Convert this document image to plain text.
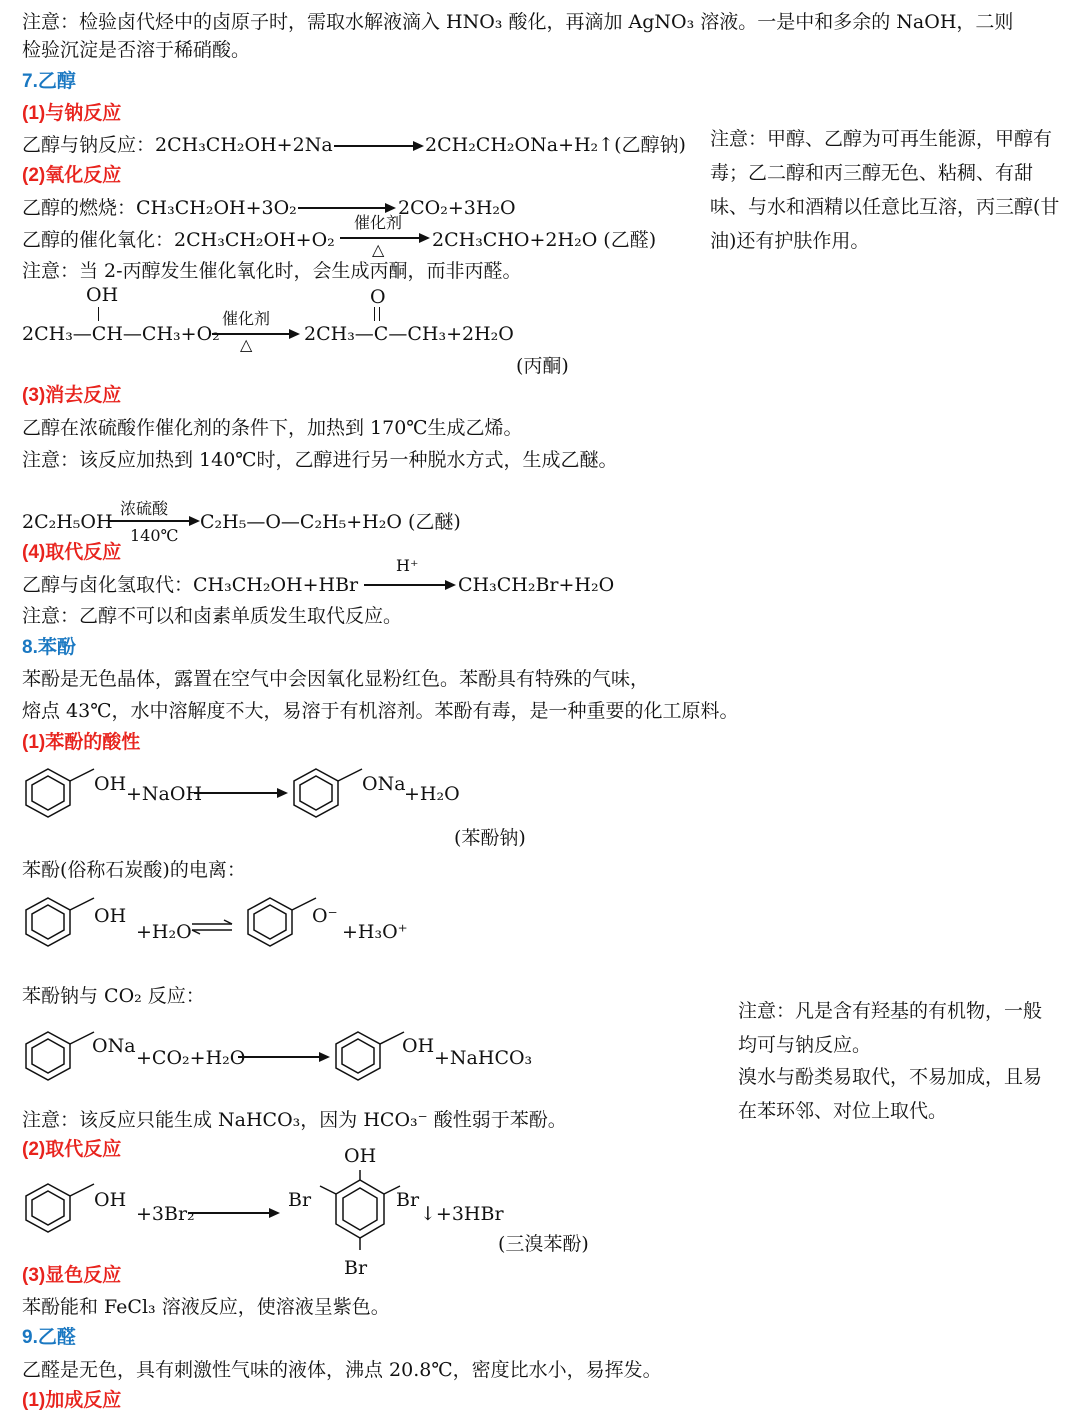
注意：检验卤代烃中的卤原子时，需取水解液滴入 HNO₃ 酸化，再滴加 AgNO₃ 溶液。一是中和多余的 NaOH，二则
检验沉淀是否溶于稀硝酸。
7.乙醇
(1)与钠反应
乙醇与钠反应：2CH₃CH₂OH+2Na	2CH₂CH₂ONa+H₂↑(乙醇钠)
(2)氧化反应
乙醇的燃烧：CH₃CH₂OH+3O₂	2CO₂+3H₂O
乙醇的催化氧化：2CH₃CH₂OH+O₂
催化剂
△	2CH₃CHO+2H₂O (乙醛)
注意：当 2-丙醇发生催化氧化时，会生成丙酮，而非丙醛。
OH
2CH₃—CH—CH₃+O₂
催化剂
△
O
2CH₃—C—CH₃+2H₂O
(丙酮)
(3)消去反应
乙醇在浓硫酸作催化剂的条件下，加热到 170℃生成乙烯。
注意：该反应加热到 140℃时，乙醇进行另一种脱水方式，生成乙醚。
浓硫酸
2C₂H₅OH
140℃
C₂H₅—O—C₂H₅+H₂O (乙醚)
(4)取代反应
H⁺
乙醇与卤化氢取代：CH₃CH₂OH+HBr	CH₃CH₂Br+H₂O
注意：乙醇不可以和卤素单质发生取代反应。
注意：甲醇、乙醇为可再生能源，甲醇有毒；乙二醇和丙三醇无色、粘稠、有甜味、与水和酒精以任意比互溶，丙三醇(甘油)还有护肤作用。
8.苯酚
苯酚是无色晶体，露置在空气中会因氧化显粉红色。苯酚具有特殊的气味，
熔点 43℃，水中溶解度不大，易溶于有机溶剂。苯酚有毒，是一种重要的化工原料。
(1)苯酚的酸性
OH +NaOH	ONa
+H₂O
(苯酚钠)
苯酚(俗称石炭酸)的电离：
OH
+H₂O
O⁻
+H₃O⁺
苯酚钠与 CO₂ 反应：
ONa
+CO₂+H₂O
OH
+NaHCO₃
注意：该反应只能生成 NaHCO₃，因为 HCO₃⁻ 酸性弱于苯酚。
(2)取代反应
OH
+3Br₂
OH
Br	Br
Br
↓+3HBr
(三溴苯酚)
(3)显色反应
苯酚能和 FeCl₃ 溶液反应，使溶液呈紫色。
注意：凡是含有羟基的有机物，一般均可与钠反应。
溴水与酚类易取代，不易加成，且易在苯环邻、对位上取代。
9.乙醛
乙醛是无色，具有刺激性气味的液体，沸点 20.8℃，密度比水小，易挥发。
(1)加成反应
